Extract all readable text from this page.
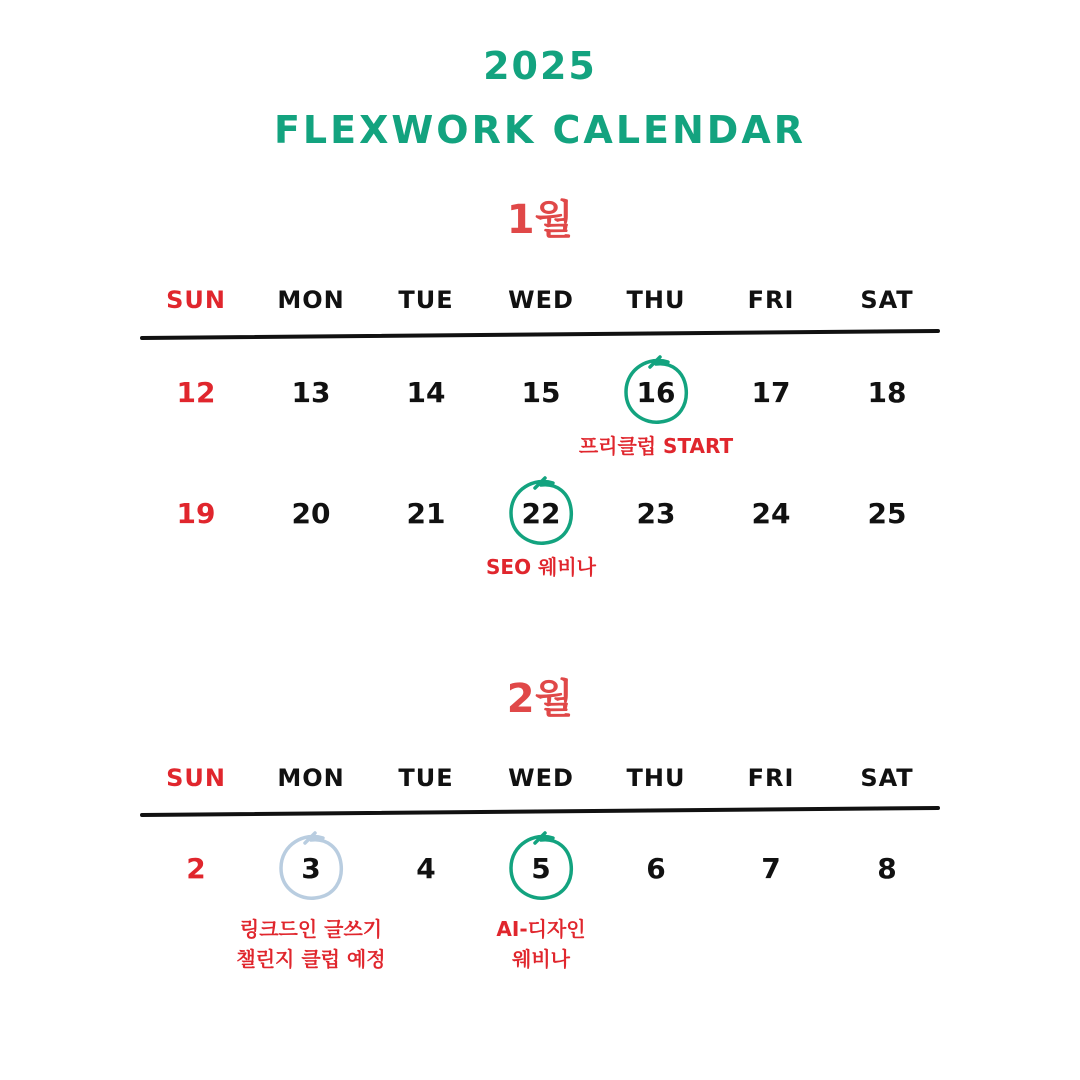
2025
FLEXWORK CALENDAR
1월
SUN	MON	TUE	WED	THU	FRI	SAT
12	13	14	15	16	17	18
프리클럽 START
19	20	21	22	23	24	25
SEO 웨비나
2월
SUN	MON	TUE	WED	THU	FRI	SAT
2	3	4	5	6	7	8
링크드인 글쓰기
챌린지 클럽 예정
AI-디자인
웨비나
